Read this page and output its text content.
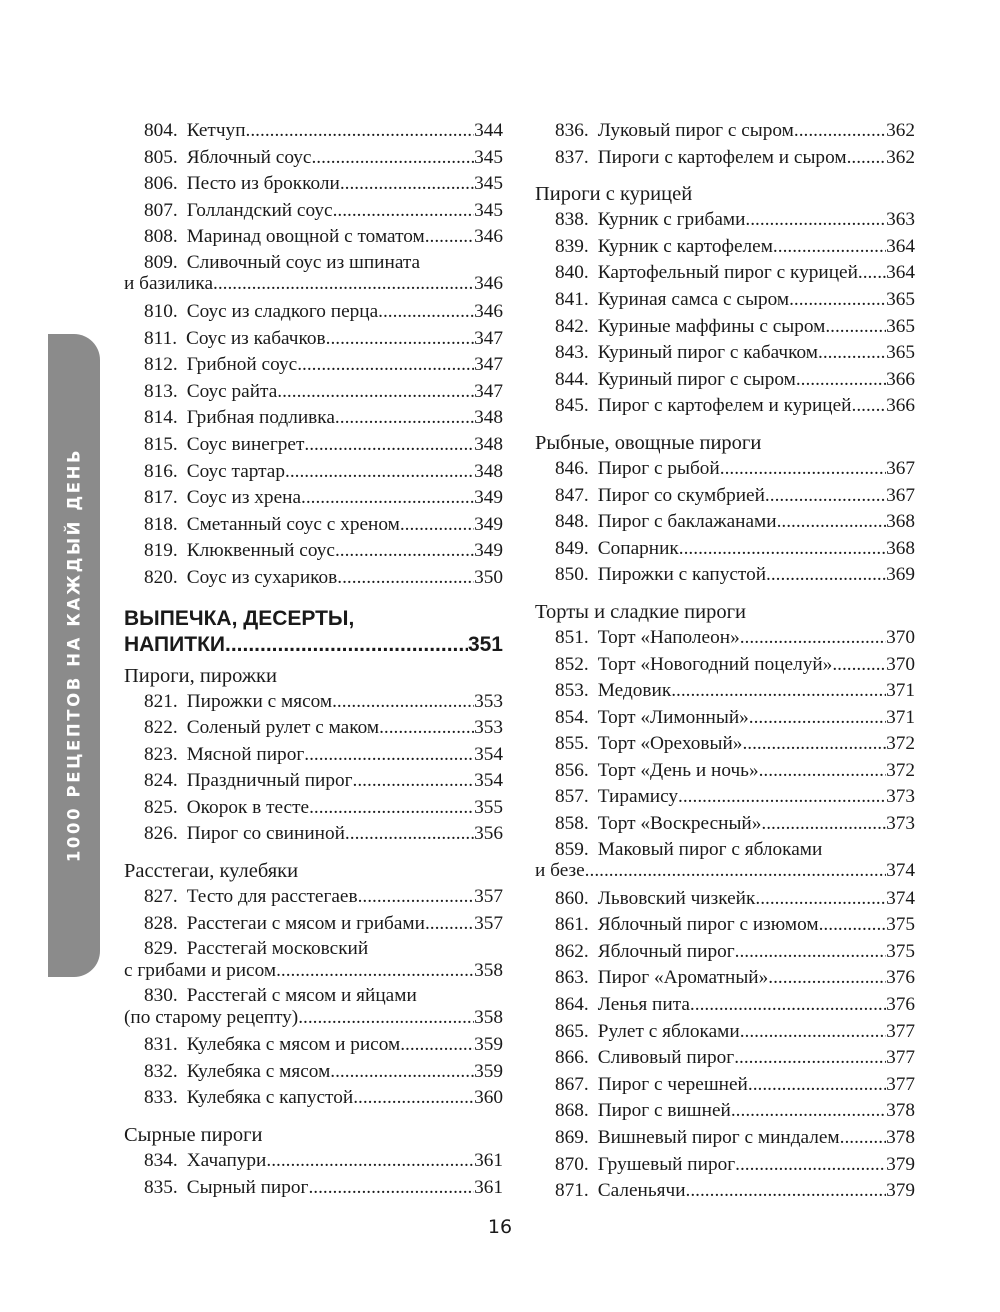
1000 РЕЦЕПТОВ НА КАЖДЫЙ ДЕНЬ
804. Кетчуп .....	344
805. Яблочный соус .....	345
806. Песто из брокколи .....	345
807. Голландский соус .....	345
808. Маринад овощной с томатом .....	346
809. Сливочный соус из шпината
и базилика .....	346
810. Соус из сладкого перца .....	346
811. Соус из кабачков .....	347
812. Грибной соус .....	347
813. Соус райта .....	347
814. Грибная подливка .....	348
815. Соус винегрет .....	348
816. Соус тартар .....	348
817. Соус из хрена .....	349
818. Сметанный соус с хреном .....	349
819. Клюквенный соус .....	349
820. Соус из сухариков .....	350
ВЫПЕЧКА, ДЕСЕРТЫ,
НАПИТКИ .....	351
Пироги, пирожки
821. Пирожки с мясом .....	353
822. Соленый рулет с маком .....	353
823. Мясной пирог .....	354
824. Праздничный пирог .....	354
825. Окорок в тесте .....	355
826. Пирог со свининой .....	356
Расстегаи, кулебяки
827. Тесто для расстегаев .....	357
828. Расстегаи с мясом и грибами .....	357
829. Расстегай московский
с грибами и рисом .....	358
830. Расстегай с мясом и яйцами
(по старому рецепту) .....	358
831. Кулебяка с мясом и рисом .....	359
832. Кулебяка с мясом .....	359
833. Кулебяка с капустой .....	360
Сырные пироги
834. Хачапури .....	361
835. Сырный пирог .....	361
836. Луковый пирог с сыром .....	362
837. Пироги с картофелем и сыром ..... 362
Пироги с курицей
838. Курник с грибами .....	363
839. Курник с картофелем .....	364
840. Картофельный пирог с курицей ..... 364
841. Куриная самса с сыром .....	365
842. Куриные маффины с сыром .....	365
843. Куриный пирог с кабачком .....	365
844. Куриный пирог с сыром .....	366
845. Пирог с картофелем и курицей ..... 366
Рыбные, овощные пироги
846. Пирог с рыбой .....	367
847. Пирог со скумбрией .....	367
848. Пирог с баклажанами .....	368
849. Сопарник .....	368
850. Пирожки с капустой .....	369
Торты и сладкие пироги
851. Торт «Наполеон» .....	370
852. Торт «Новогодний поцелуй» .....	370
853. Медовик .....	371
854. Торт «Лимонный» .....	371
855. Торт «Ореховый» .....	372
856. Торт «День и ночь» .....	372
857. Тирамису .....	373
858. Торт «Воскресный» .....	373
859. Маковый пирог с яблоками
и безе .....	374
860. Львовский чизкейк .....	374
861. Яблочный пирог с изюмом .....	375
862. Яблочный пирог .....	375
863. Пирог «Ароматный» .....	376
864. Ленья пита .....	376
865. Рулет с яблоками .....	377
866. Сливовый пирог .....	377
867. Пирог с черешней .....	377
868. Пирог с вишней .....	378
869. Вишневый пирог с миндалем ..... 378
870. Грушевый пирог .....	379
871. Саленьячи .....	379
16
